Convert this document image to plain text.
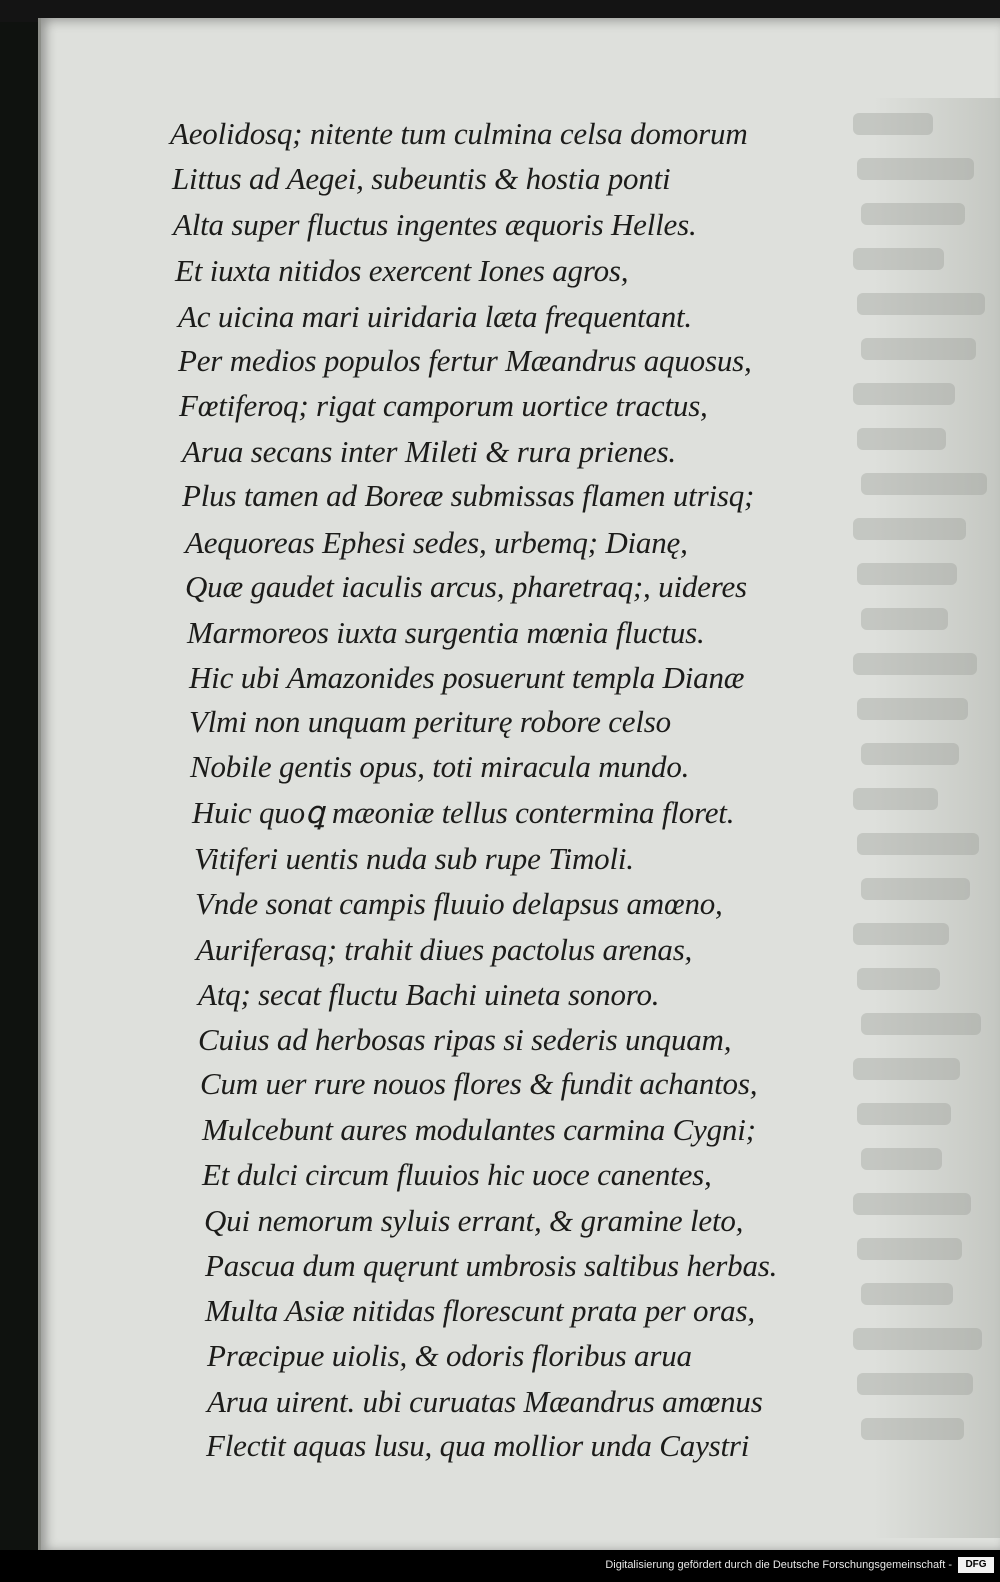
Aeolidosq; nitente tum culmina celsa domorum
Littus ad Aegei, subeuntis & hostia ponti
Alta super fluctus ingentes æquoris Helles.
Et iuxta nitidos exercent Iones agros,
Ac uicina mari uiridaria læta frequentant.
Per medios populos fertur Mæandrus aquosus,
Fœtiferoq; rigat camporum uortice tractus,
Arua secans inter Mileti & rura prienes.
Plus tamen ad Boreæ submissas flamen utrisq;
Aequoreas Ephesi sedes, urbemq; Dianę,
Quæ gaudet iaculis arcus, pharetraq;, uideres
Marmoreos iuxta surgentia mœnia fluctus.
Hic ubi Amazonides posuerunt templa Dianæ
Vlmi non unquam periturę robore celso
Nobile gentis opus, toti miracula mundo.
Huic quoꝗ mæoniæ tellus contermina floret.
Vitiferi uentis nuda sub rupe Timoli.
Vnde sonat campis fluuio delapsus amœno,
Auriferasq; trahit diues pactolus arenas,
Atq; secat fluctu Bachi uineta sonoro.
Cuius ad herbosas ripas si sederis unquam,
Cum uer rure nouos flores & fundit achantos,
Mulcebunt aures modulantes carmina Cygni;
Et dulci circum fluuios hic uoce canentes,
Qui nemorum syluis errant, & gramine leto,
Pascua dum quęrunt umbrosis saltibus herbas.
Multa Asiæ nitidas florescunt prata per oras,
Præcipue uiolis, & odoris floribus arua
Arua uirent. ubi curuatas Mæandrus amœnus
Flectit aquas lusu, qua mollior unda Caystri
Digitalisierung gefördert durch die Deutsche Forschungsgemeinschaft -	DFG
